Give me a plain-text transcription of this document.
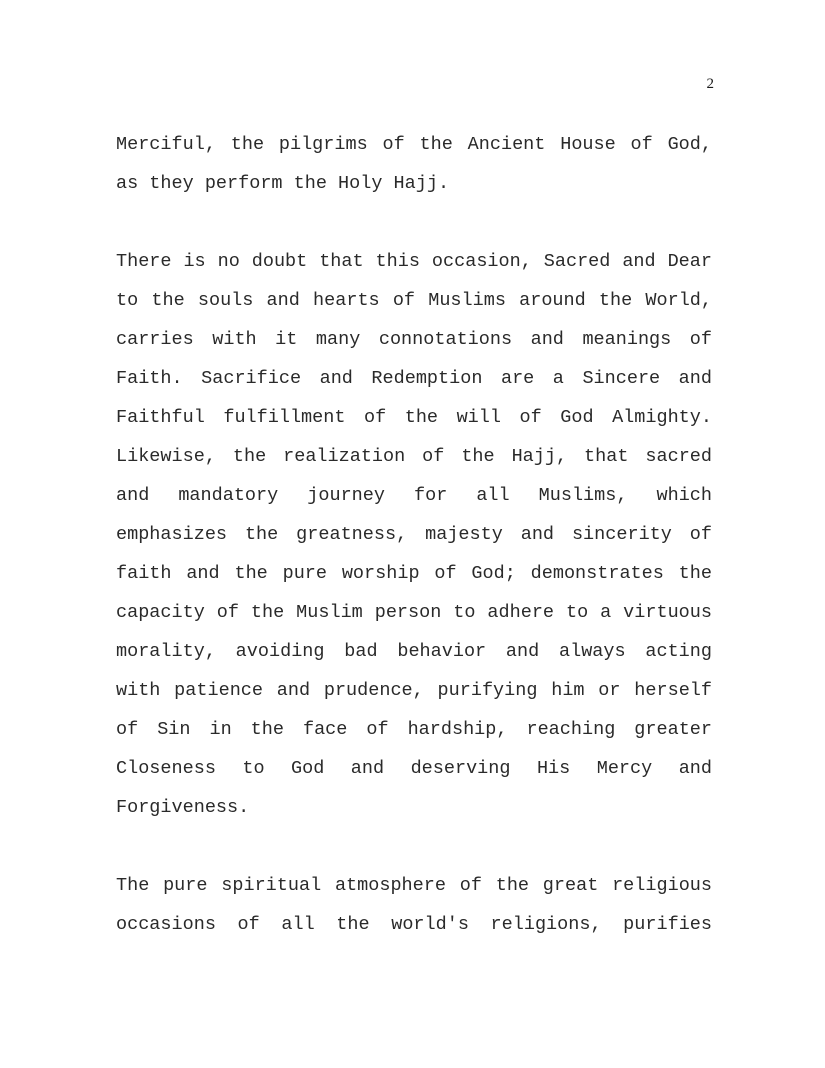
2
Merciful, the pilgrims of the Ancient House of God,
as they perform the Holy Hajj.
There is no doubt that this occasion, Sacred and Dear
to the souls and hearts of Muslims around the World,
carries with it many connotations and meanings of
Faith. Sacrifice and Redemption are a Sincere and
Faithful fulfillment of the will of God Almighty.
Likewise, the realization of the Hajj, that sacred
and mandatory journey for all Muslims, which
emphasizes the greatness, majesty and sincerity of
faith and the pure worship of God; demonstrates the
capacity of the Muslim person to adhere to a virtuous
morality, avoiding bad behavior and always acting
with patience and prudence, purifying him or herself
of Sin in the face of hardship, reaching greater
Closeness to God and deserving His Mercy and
Forgiveness.
The pure spiritual atmosphere of the great religious
occasions of all the world's religions, purifies
